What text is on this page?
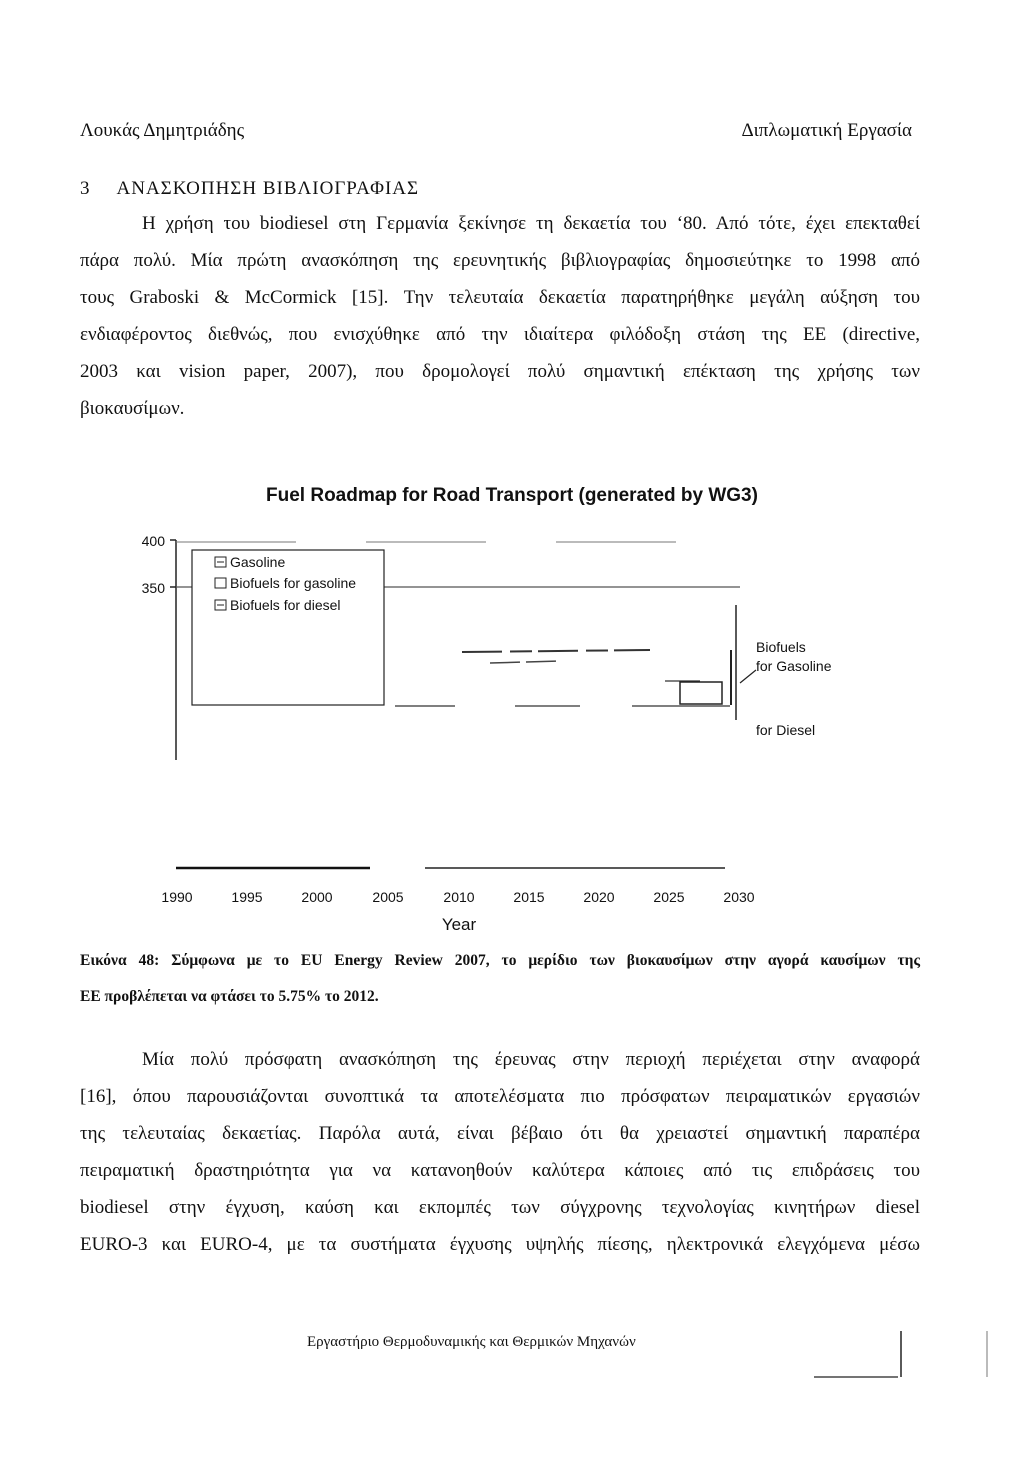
Λουκάς Δημητριάδης	Διπλωματική Εργασία
3 ΑΝΑΣΚΟΠΗΣΗ ΒΙΒΛΙΟΓΡΑΦΙΑΣ
Η χρήση του biodiesel στη Γερμανία ξεκίνησε τη δεκαετία του ‘80. Από τότε, έχει επεκταθεί
πάρα πολύ. Μία πρώτη ανασκόπηση της ερευνητικής βιβλιογραφίας δημοσιεύτηκε το 1998 από
τους Graboski & McCormick [15]. Την τελευταία δεκαετία παρατηρήθηκε μεγάλη αύξηση του
ενδιαφέροντος διεθνώς, που ενισχύθηκε από την ιδιαίτερα φιλόδοξη στάση της ΕΕ (directive,
2003 και vision paper, 2007), που δρομολογεί πολύ σημαντική επέκταση της χρήσης των
βιοκαυσίμων.
Fuel Roadmap for Road Transport (generated by WG3)
400
350
Gasoline
Biofuels for gasoline
Biofuels for diesel
Biofuels
for Gasoline
for Diesel
1990	1995	2000	2005	2010	2015	2020	2025	2030
Year
Εικόνα 48: Σύμφωνα με το EU Energy Review 2007, το μερίδιο των βιοκαυσίμων στην αγορά καυσίμων της
ΕΕ προβλέπεται να φτάσει το 5.75% το 2012.
Μία πολύ πρόσφατη ανασκόπηση της έρευνας στην περιοχή περιέχεται στην αναφορά
[16], όπου παρουσιάζονται συνοπτικά τα αποτελέσματα πιο πρόσφατων πειραματικών εργασιών
της τελευταίας δεκαετίας. Παρόλα αυτά, είναι βέβαιο ότι θα χρειαστεί σημαντική παραπέρα
πειραματική δραστηριότητα για να κατανοηθούν καλύτερα κάποιες από τις επιδράσεις του
biodiesel στην έγχυση, καύση και εκπομπές των σύγχρονης τεχνολογίας κινητήρων diesel
EURO-3 και EURO-4, με τα συστήματα έγχυσης υψηλής πίεσης, ηλεκτρονικά ελεγχόμενα μέσω
Εργαστήριο Θερμοδυναμικής και Θερμικών Μηχανών
